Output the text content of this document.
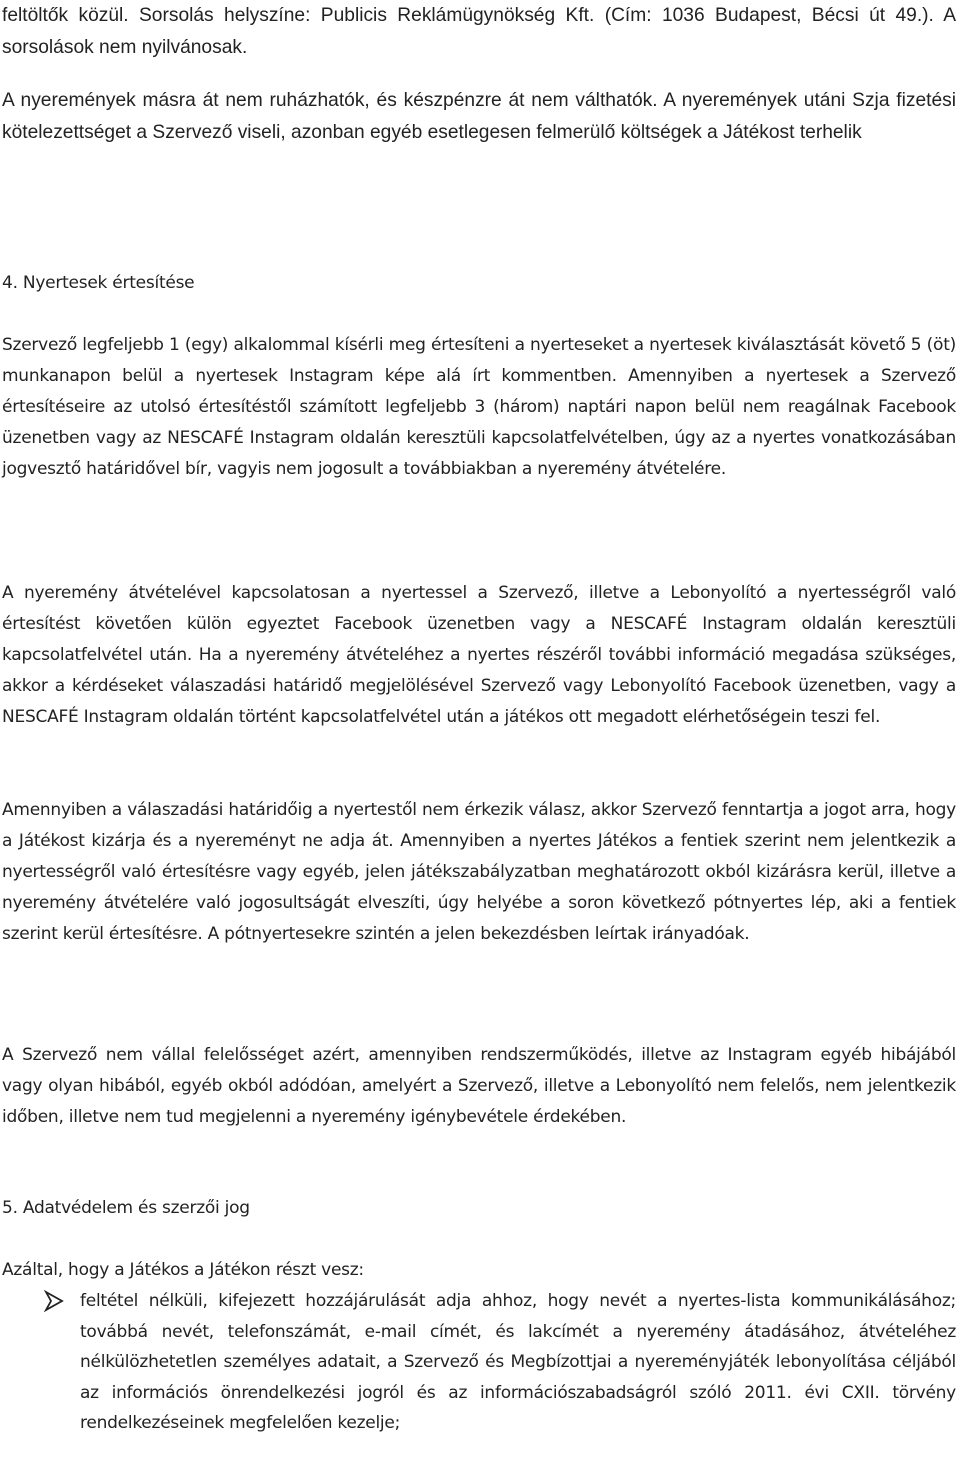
feltöltők közül. Sorsolás helyszíne: Publicis Reklámügynökség Kft. (Cím: 1036 Budapest, Bécsi út 49.). A sorsolások nem nyilvánosak.

A nyeremények másra át nem ruházhatók, és készpénzre át nem válthatók. A nyeremények utáni Szja fizetési kötelezettséget a Szervező viseli, azonban egyéb esetlegesen felmerülő költségek a Játékost terhelik

4. Nyertesek értesítése

Szervező legfeljebb 1 (egy) alkalommal kísérli meg értesíteni a nyerteseket a nyertesek kiválasztását követő 5 (öt) munkanapon belül a nyertesek Instagram képe alá írt kommentben. Amennyiben a nyertesek a Szervező értesítéseire az utolsó értesítéstől számított legfeljebb 3 (három) naptári napon belül nem reagálnak Facebook üzenetben vagy az NESCAFÉ Instagram oldalán keresztüli kapcsolatfelvételben, úgy az a nyertes vonatkozásában jogvesztő határidővel bír, vagyis nem jogosult a továbbiakban a nyeremény átvételére.

A nyeremény átvételével kapcsolatosan a nyertessel a Szervező, illetve a Lebonyolító a nyertességről való értesítést követően külön egyeztet Facebook üzenetben vagy a NESCAFÉ Instagram oldalán keresztüli kapcsolatfelvétel után. Ha a nyeremény átvételéhez a nyertes részéről további információ megadása szükséges, akkor a kérdéseket válaszadási határidő megjelölésével Szervező vagy Lebonyolító Facebook üzenetben, vagy a NESCAFÉ Instagram oldalán történt kapcsolatfelvétel után a játékos ott megadott elérhetőségein teszi fel.

Amennyiben a válaszadási határidőig a nyertestől nem érkezik válasz, akkor Szervező fenntartja a jogot arra, hogy a Játékost kizárja és a nyereményt ne adja át. Amennyiben a nyertes Játékos a fentiek szerint nem jelentkezik a nyertességről való értesítésre vagy egyéb, jelen játékszabályzatban meghatározott okból kizárásra kerül, illetve a nyeremény átvételére való jogosultságát elveszíti, úgy helyébe a soron következő pótnyertes lép, aki a fentiek szerint kerül értesítésre. A pótnyertesekre szintén a jelen bekezdésben leírtak irányadóak.

A Szervező nem vállal felelősséget azért, amennyiben rendszerműködés, illetve az Instagram egyéb hibájából vagy olyan hibából, egyéb okból adódóan, amelyért a Szervező, illetve a Lebonyolító nem felelős, nem jelentkezik időben, illetve nem tud megjelenni a nyeremény igénybevétele érdekében.

5. Adatvédelem és szerzői jog

Azáltal, hogy a Játékos a Játékon részt vesz:

feltétel nélküli, kifejezett hozzájárulását adja ahhoz, hogy nevét a nyertes-lista kommunikálásához; továbbá nevét, telefonszámát, e-mail címét, és lakcímét a nyeremény átadásához, átvételéhez nélkülözhetetlen személyes adatait, a Szervező és Megbízottjai a nyereményjáték lebonyolítása céljából az információs önrendelkezési jogról és az információszabadságról szóló 2011. évi CXII. törvény rendelkezéseinek megfelelően kezelje;
